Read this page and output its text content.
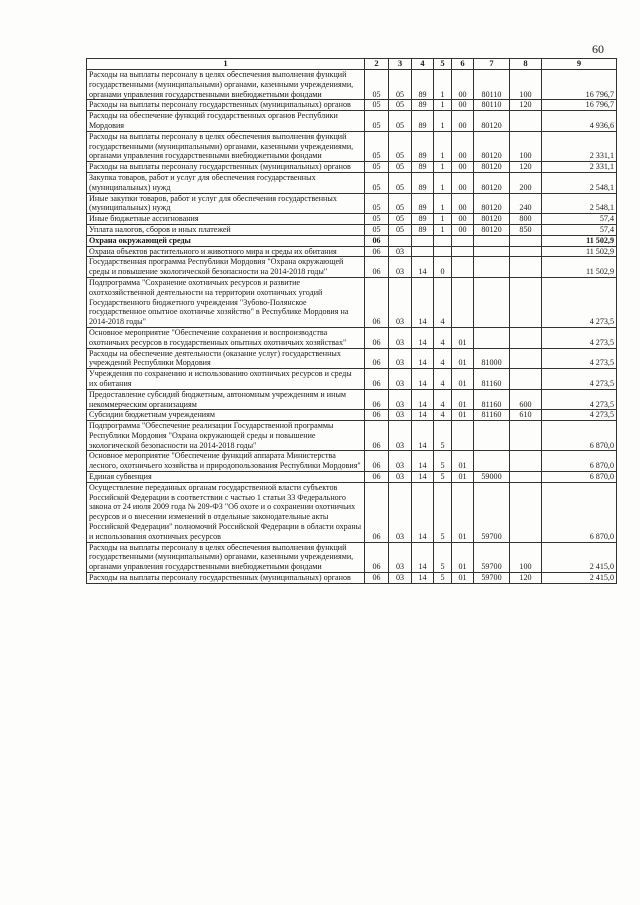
60
1	2	3	4	5	6	7	8	9
Расходы на выплаты персоналу в целях обеспечения выполнения функций государственными (муниципальными) органами, казенными учреждениями, органами управления государственными внебюджетными фондами	05	05	89	1	00	80110	100	16 796,7
Расходы на выплаты персоналу государственных (муниципальных) органов	05	05	89	1	00	80110	120	16 796,7
Расходы на обеспечение функций государственных органов Республики Мордовия	05	05	89	1	00	80120		4 936,6
Расходы на выплаты персоналу в целях обеспечения выполнения функций государственными (муниципальными) органами, казенными учреждениями, органами управления государственными внебюджетными фондами	05	05	89	1	00	80120	100	2 331,1
Расходы на выплаты персоналу государственных (муниципальных) органов	05	05	89	1	00	80120	120	2 331,1
Закупка товаров, работ и услуг для обеспечения государственных (муниципальных) нужд	05	05	89	1	00	80120	200	2 548,1
Иные закупки товаров, работ и услуг для обеспечения государственных (муниципальных) нужд	05	05	89	1	00	80120	240	2 548,1
Иные бюджетные ассигнования	05	05	89	1	00	80120	800	57,4
Уплата налогов, сборов и иных платежей	05	05	89	1	00	80120	850	57,4
Охрана окружающей среды	06							11 502,9
Охрана объектов растительного и животного мира и среды их обитания	06	03						11 502,9
Государственная программа Республики Мордовия "Охрана окружающей среды и повышение экологической безопасности на 2014-2018 годы"	06	03	14	0				11 502,9
Подпрограмма "Сохранение охотничьих ресурсов и развитие охотхозяйственной деятельности на территории охотничьих угодий Государственного бюджетного учреждения "Зубово-Полянское государственное опытное охотничье хозяйство" в Республике Мордовия на 2014-2018 годы"	06	03	14	4				4 273,5
Основное мероприятие "Обеспечение сохранения и воспроизводства охотничьих ресурсов в государственных опытных охотничьих хозяйствах"	06	03	14	4	01			4 273,5
Расходы на обеспечение деятельности (оказание услуг) государственных учреждений Республики Мордовия	06	03	14	4	01	81000		4 273,5
Учреждения по сохранению и использованию охотничьих ресурсов и среды их обитания	06	03	14	4	01	81160		4 273,5
Предоставление субсидий бюджетным, автономным учреждениям и иным некоммерческим организациям	06	03	14	4	01	81160	600	4 273,5
Субсидии бюджетным учреждениям	06	03	14	4	01	81160	610	4 273,5
Подпрограмма "Обеспечение реализации Государственной программы Республики Мордовия "Охрана окружающей среды и повышение экологической безопасности на 2014-2018 годы"	06	03	14	5				6 870,0
Основное мероприятие "Обеспечение функций аппарата Министерства лесного, охотничьего хозяйства и природопользования Республики Мордовия"	06	03	14	5	01			6 870,0
Единая субвенция	06	03	14	5	01	59000		6 870,0
Осуществление переданных органам государственной власти субъектов Российской Федерации в соответствии с частью 1 статьи 33 Федерального закона от 24 июля 2009 года № 209-ФЗ "Об охоте и о сохранении охотничьих ресурсов и о внесении изменений в отдельные законодательные акты Российской Федерации" полномочий Российской Федерации в области охраны и использования охотничьих ресурсов	06	03	14	5	01	59700		6 870,0
Расходы на выплаты персоналу в целях обеспечения выполнения функций государственными (муниципальными) органами, казенными учреждениями, органами управления государственными внебюджетными фондами	06	03	14	5	01	59700	100	2 415,0
Расходы на выплаты персоналу государственных (муниципальных) органов	06	03	14	5	01	59700	120	2 415,0
